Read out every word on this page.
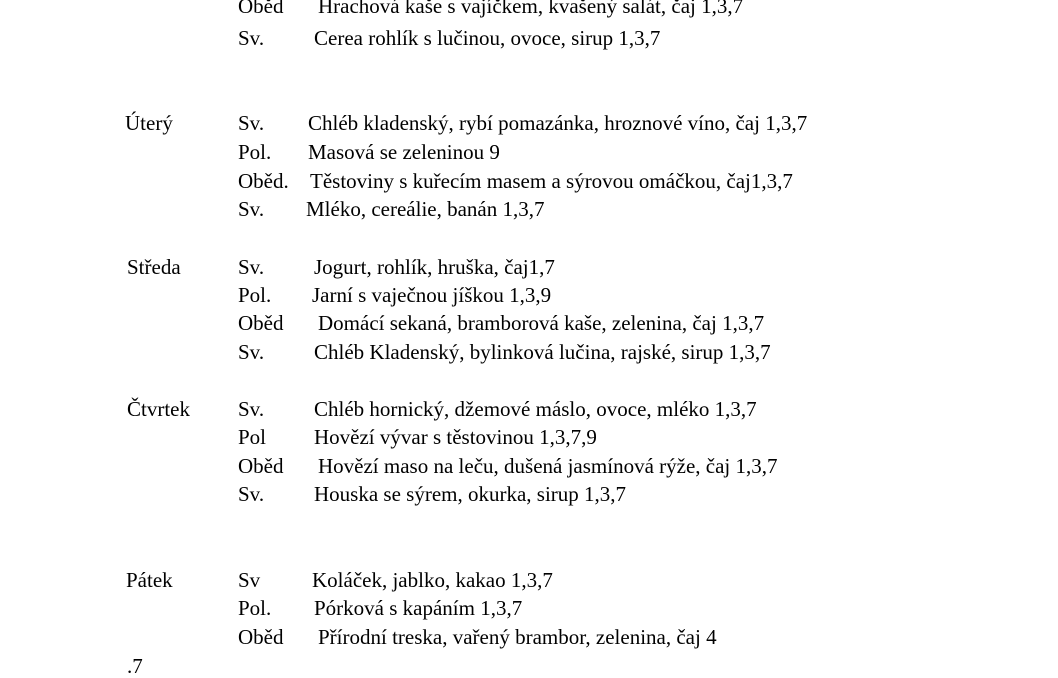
Oběd Hrachová kaše s vajíčkem, kvašený salát, čaj 1,3,7
Sv. Cerea rohlík s lučinou, ovoce, sirup 1,3,7
Úterý	Sv. Chléb kladenský, rybí pomazánka, hroznové víno, čaj 1,3,7
Pol. Masová se zeleninou 9
Oběd. Těstoviny s kuřecím masem a sýrovou omáčkou, čaj1,3,7
Sv. Mléko, cereálie, banán 1,3,7
Středa	Sv. Jogurt, rohlík, hruška, čaj1,7
Pol. Jarní s vaječnou jíškou 1,3,9
Oběd Domácí sekaná, bramborová kaše, zelenina, čaj 1,3,7
Sv. Chléb Kladenský, bylinková lučina, rajské, sirup 1,3,7
Čtvrtek Sv. Chléb hornický, džemové máslo, ovoce, mléko 1,3,7
Pol Hovězí vývar s těstovinou 1,3,7,9
Oběd Hovězí maso na leču, dušená jasmínová rýže, čaj 1,3,7
Sv. Houska se sýrem, okurka, sirup 1,3,7
Pátek	Sv Koláček, jablko, kakao 1,3,7
Pol. Pórková s kapáním 1,3,7
Oběd Přírodní treska, vařený brambor, zelenina, čaj 4
.7
